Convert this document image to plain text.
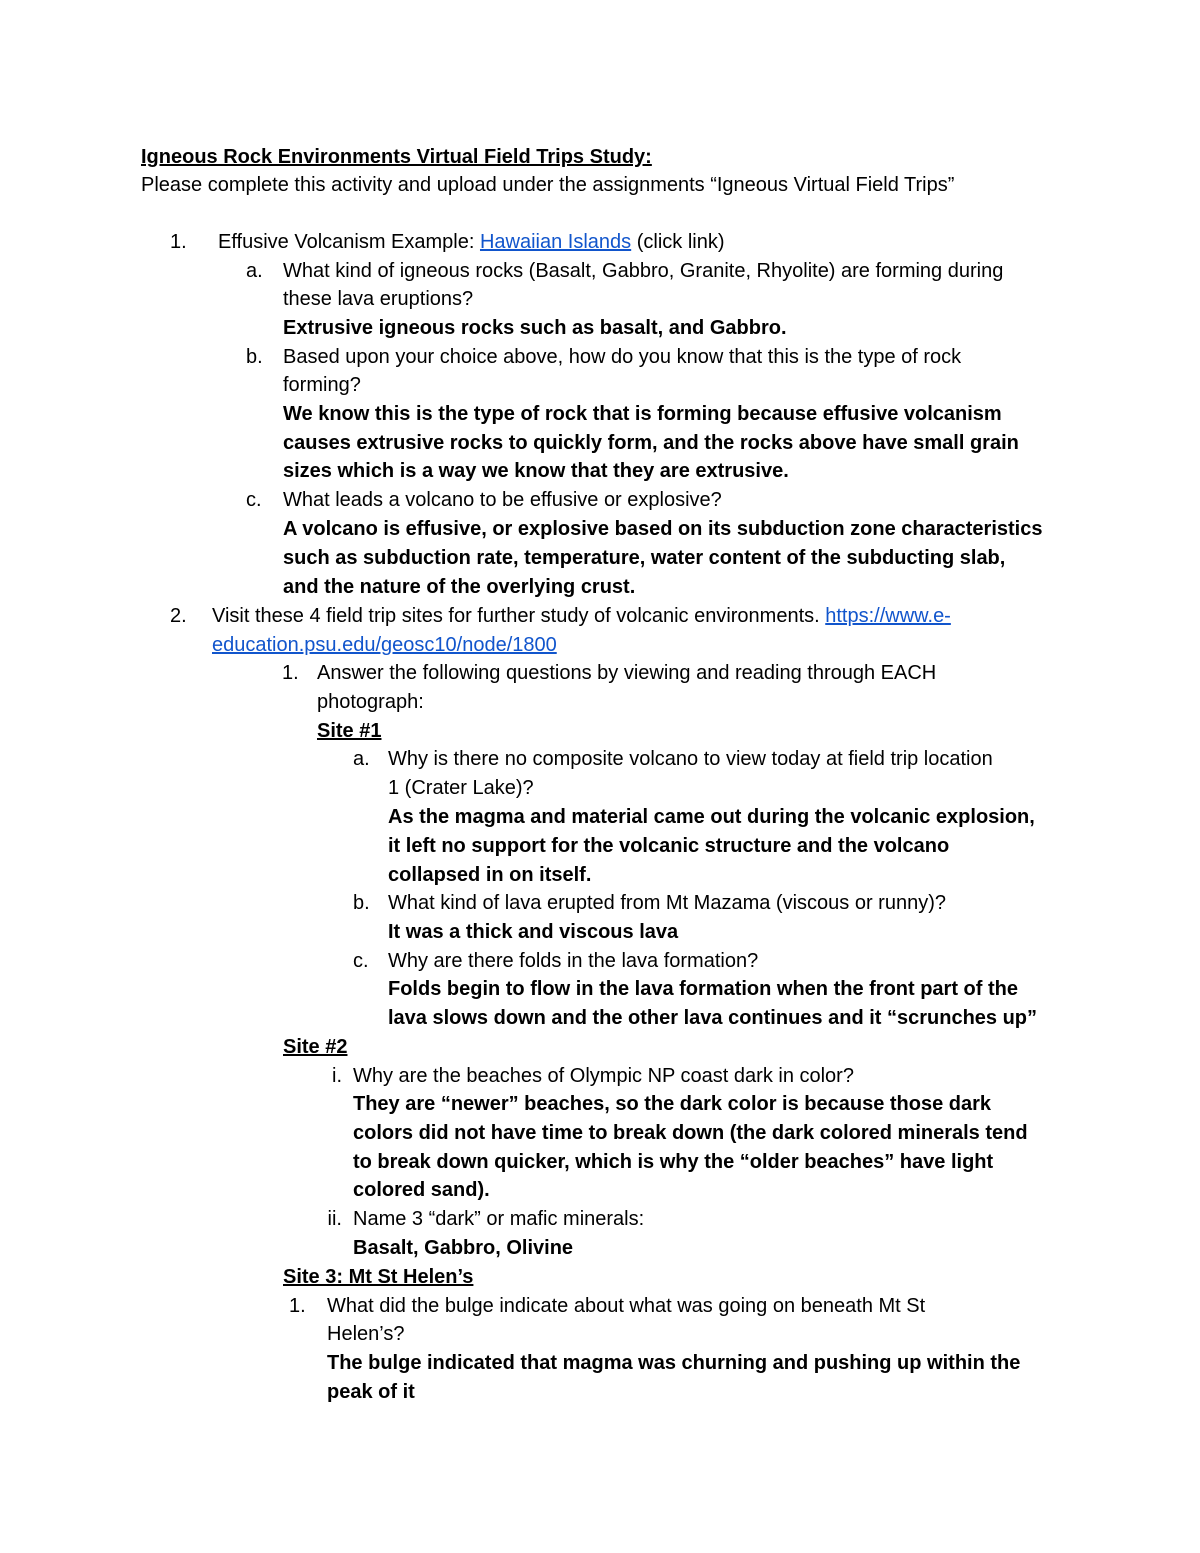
Igneous Rock Environments Virtual Field Trips Study:
Please complete this activity and upload under the assignments “Igneous Virtual Field Trips”
1.	Effusive Volcanism Example: Hawaiian Islands (click link)
a.	What kind of igneous rocks (Basalt, Gabbro, Granite, Rhyolite) are forming during
these lava eruptions?
Extrusive igneous rocks such as basalt, and Gabbro.
b.	Based upon your choice above, how do you know that this is the type of rock
forming?
We know this is the type of rock that is forming because effusive volcanism
causes extrusive rocks to quickly form, and the rocks above have small grain
sizes which is a way we know that they are extrusive.
c.	What leads a volcano to be effusive or explosive?
A volcano is effusive, or explosive based on its subduction zone characteristics
such as subduction rate, temperature, water content of the subducting slab,
and the nature of the overlying crust.
2.	Visit these 4 field trip sites for further study of volcanic environments. https://www.e-
education.psu.edu/geosc10/node/1800
1. Answer the following questions by viewing and reading through EACH
photograph:
Site #1
a. Why is there no composite volcano to view today at field trip location
1 (Crater Lake)?
As the magma and material came out during the volcanic explosion,
it left no support for the volcanic structure and the volcano
collapsed in on itself.
b. What kind of lava erupted from Mt Mazama (viscous or runny)?
It was a thick and viscous lava
c. Why are there folds in the lava formation?
Folds begin to flow in the lava formation when the front part of the
lava slows down and the other lava continues and it “scrunches up”
Site #2
i. Why are the beaches of Olympic NP coast dark in color?
They are “newer” beaches, so the dark color is because those dark
colors did not have time to break down (the dark colored minerals tend
to break down quicker, which is why the “older beaches” have light
colored sand).
ii. Name 3 “dark” or mafic minerals:
Basalt, Gabbro, Olivine
Site 3: Mt St Helen’s
1.	What did the bulge indicate about what was going on beneath Mt St
Helen’s?
The bulge indicated that magma was churning and pushing up within the
peak of it
